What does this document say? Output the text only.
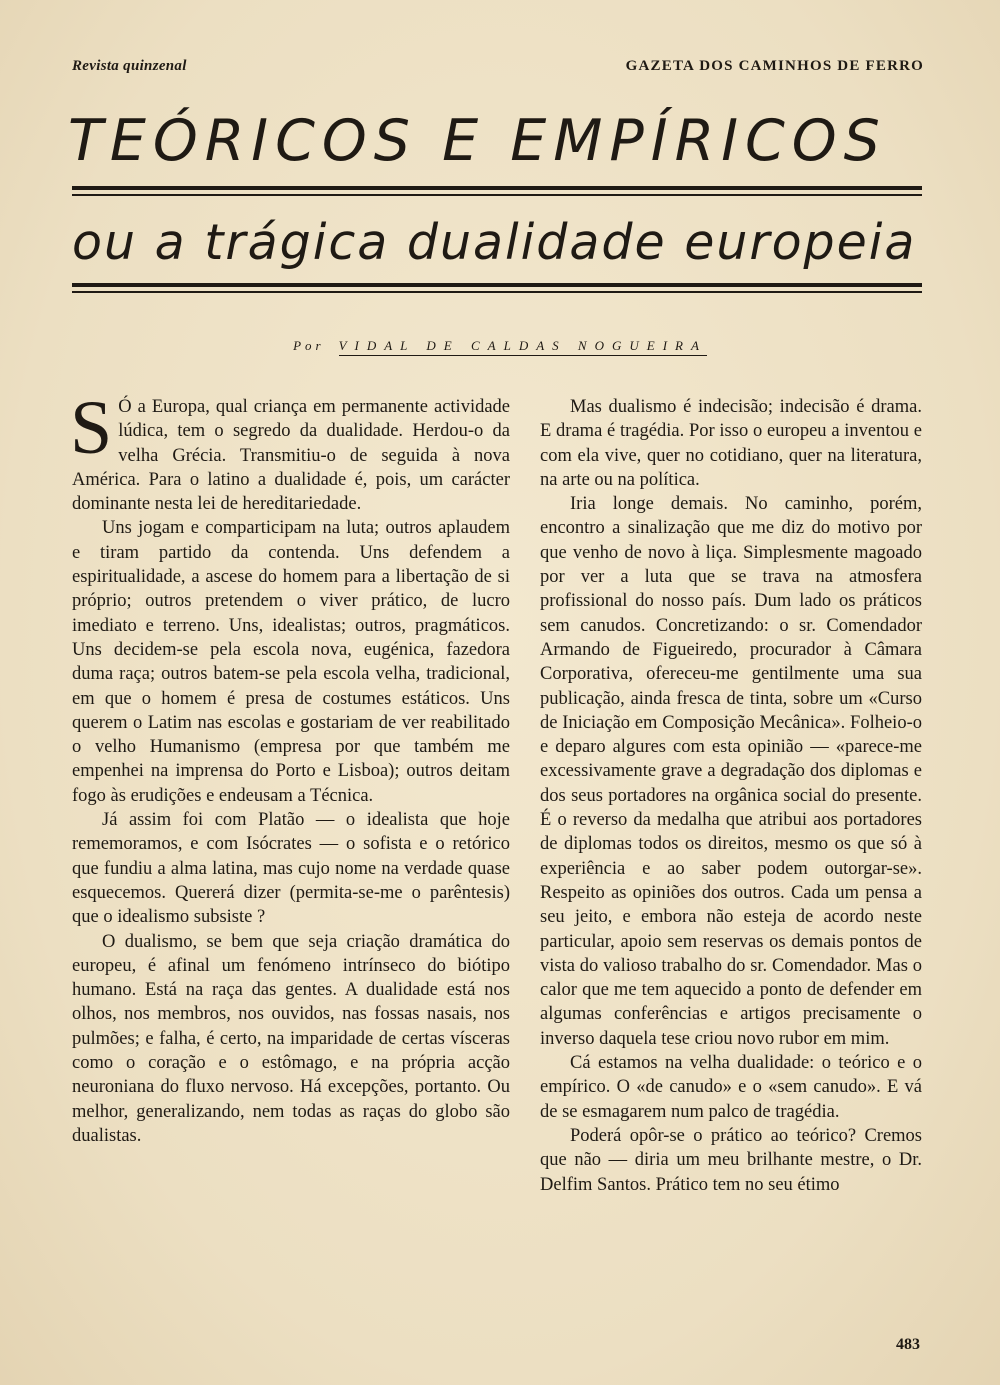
Revista quinzenal	GAZETA DOS CAMINHOS DE FERRO
TEÓRICOS E EMPÍRICOS
ou a trágica dualidade europeia
Por VIDAL DE CALDAS NOGUEIRA

S Ó a Europa, qual criança em permanente actividade lúdica, tem o segredo da dualidade. Herdou-o da velha Grécia. Transmitiu-o de seguida à nova América. Para o latino a dualidade é, pois, um carácter dominante nesta lei de hereditariedade.

Uns jogam e comparticipam na luta; outros aplaudem e tiram partido da contenda. Uns defendem a espiritualidade, a ascese do homem para a libertação de si próprio; outros pretendem o viver prático, de lucro imediato e terreno. Uns, idealistas; outros, pragmáticos. Uns decidem-se pela escola nova, eugénica, fazedora duma raça; outros batem-se pela escola velha, tradicional, em que o homem é presa de costumes estáticos. Uns querem o Latim nas escolas e gostariam de ver reabilitado o velho Humanismo (empresa por que também me empenhei na imprensa do Porto e Lisboa); outros deitam fogo às erudições e endeusam a Técnica.

Já assim foi com Platão — o idealista que hoje rememoramos, e com Isócrates — o sofista e o retórico que fundiu a alma latina, mas cujo nome na verdade quase esquecemos. Quererá dizer (permita-se-me o parêntesis) que o idealismo subsiste ?

O dualismo, se bem que seja criação dramática do europeu, é afinal um fenómeno intrínseco do biótipo humano. Está na raça das gentes. A dualidade está nos olhos, nos membros, nos ouvidos, nas fossas nasais, nos pulmões; e falha, é certo, na imparidade de certas vísceras como o coração e o estômago, e na própria acção neuroniana do fluxo nervoso. Há excepções, portanto. Ou melhor, generalizando, nem todas as raças do globo são dualistas.

Mas dualismo é indecisão; indecisão é drama. E drama é tragédia. Por isso o europeu a inventou e com ela vive, quer no cotidiano, quer na literatura, na arte ou na política.

Iria longe demais. No caminho, porém, encontro a sinalização que me diz do motivo por que venho de novo à liça. Simplesmente magoado por ver a luta que se trava na atmosfera profissional do nosso país. Dum lado os práticos sem canudos. Concretizando: o sr. Comendador Armando de Figueiredo, procurador à Câmara Corporativa, ofereceu-me gentilmente uma sua publicação, ainda fresca de tinta, sobre um «Curso de Iniciação em Composição Mecânica». Folheio-o e deparo algures com esta opinião — «parece-me excessivamente grave a degradação dos diplomas e dos seus portadores na orgânica social do presente. É o reverso da medalha que atribui aos portadores de diplomas todos os direitos, mesmo os que só à experiência e ao saber podem outorgar-se». Respeito as opiniões dos outros. Cada um pensa a seu jeito, e embora não esteja de acordo neste particular, apoio sem reservas os demais pontos de vista do valioso trabalho do sr. Comendador. Mas o calor que me tem aquecido a ponto de defender em algumas conferências e artigos precisamente o inverso daquela tese criou novo rubor em mim.

Cá estamos na velha dualidade: o teórico e o empírico. O «de canudo» e o «sem canudo». E vá de se esmagarem num palco de tragédia.

Poderá opôr-se o prático ao teórico? Cremos que não — diria um meu brilhante mestre, o Dr. Delfim Santos. Prático tem no seu étimo

483
